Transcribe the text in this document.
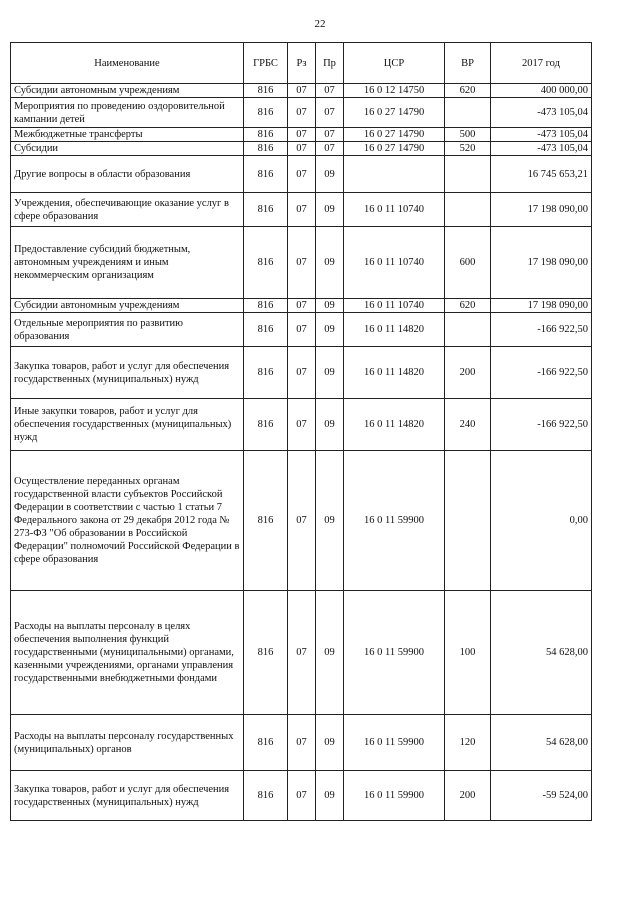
22
Наименование	ГРБС	Рз	Пр	ЦСР	ВР	2017 год
Субсидии автономным учреждениям	816	07	07	16 0 12 14750	620	400 000,00
Мероприятия по проведению оздоровительной кампании детей	816	07	07	16 0 27 14790		-473 105,04
Межбюджетные трансферты	816	07	07	16 0 27 14790	500	-473 105,04
Субсидии	816	07	07	16 0 27 14790	520	-473 105,04
Другие вопросы в области образования	816	07	09			16 745 653,21
Учреждения, обеспечивающие оказание услуг в сфере образования	816	07	09	16 0 11 10740		17 198 090,00
Предоставление субсидий бюджетным, автономным учреждениям и иным некоммерческим организациям	816	07	09	16 0 11 10740	600	17 198 090,00
Субсидии автономным учреждениям	816	07	09	16 0 11 10740	620	17 198 090,00
Отдельные мероприятия по развитию образования	816	07	09	16 0 11 14820		-166 922,50
Закупка товаров, работ и услуг для обеспечения государственных (муниципальных) нужд	816	07	09	16 0 11 14820	200	-166 922,50
Иные закупки товаров, работ и услуг для обеспечения государственных (муниципальных) нужд	816	07	09	16 0 11 14820	240	-166 922,50
Осуществление переданных органам государственной власти субъектов Российской Федерации в соответствии с частью 1 статьи 7 Федерального закона от 29 декабря 2012 года № 273-ФЗ "Об образовании в Российской Федерации" полномочий Российской Федерации в сфере образования	816	07	09	16 0 11 59900		0,00
Расходы на выплаты персоналу в целях обеспечения выполнения функций государственными (муниципальными) органами, казенными учреждениями, органами управления государственными внебюджетными фондами	816	07	09	16 0 11 59900	100	54 628,00
Расходы на выплаты персоналу государственных (муниципальных) органов	816	07	09	16 0 11 59900	120	54 628,00
Закупка товаров, работ и услуг для обеспечения государственных (муниципальных) нужд	816	07	09	16 0 11 59900	200	-59 524,00
